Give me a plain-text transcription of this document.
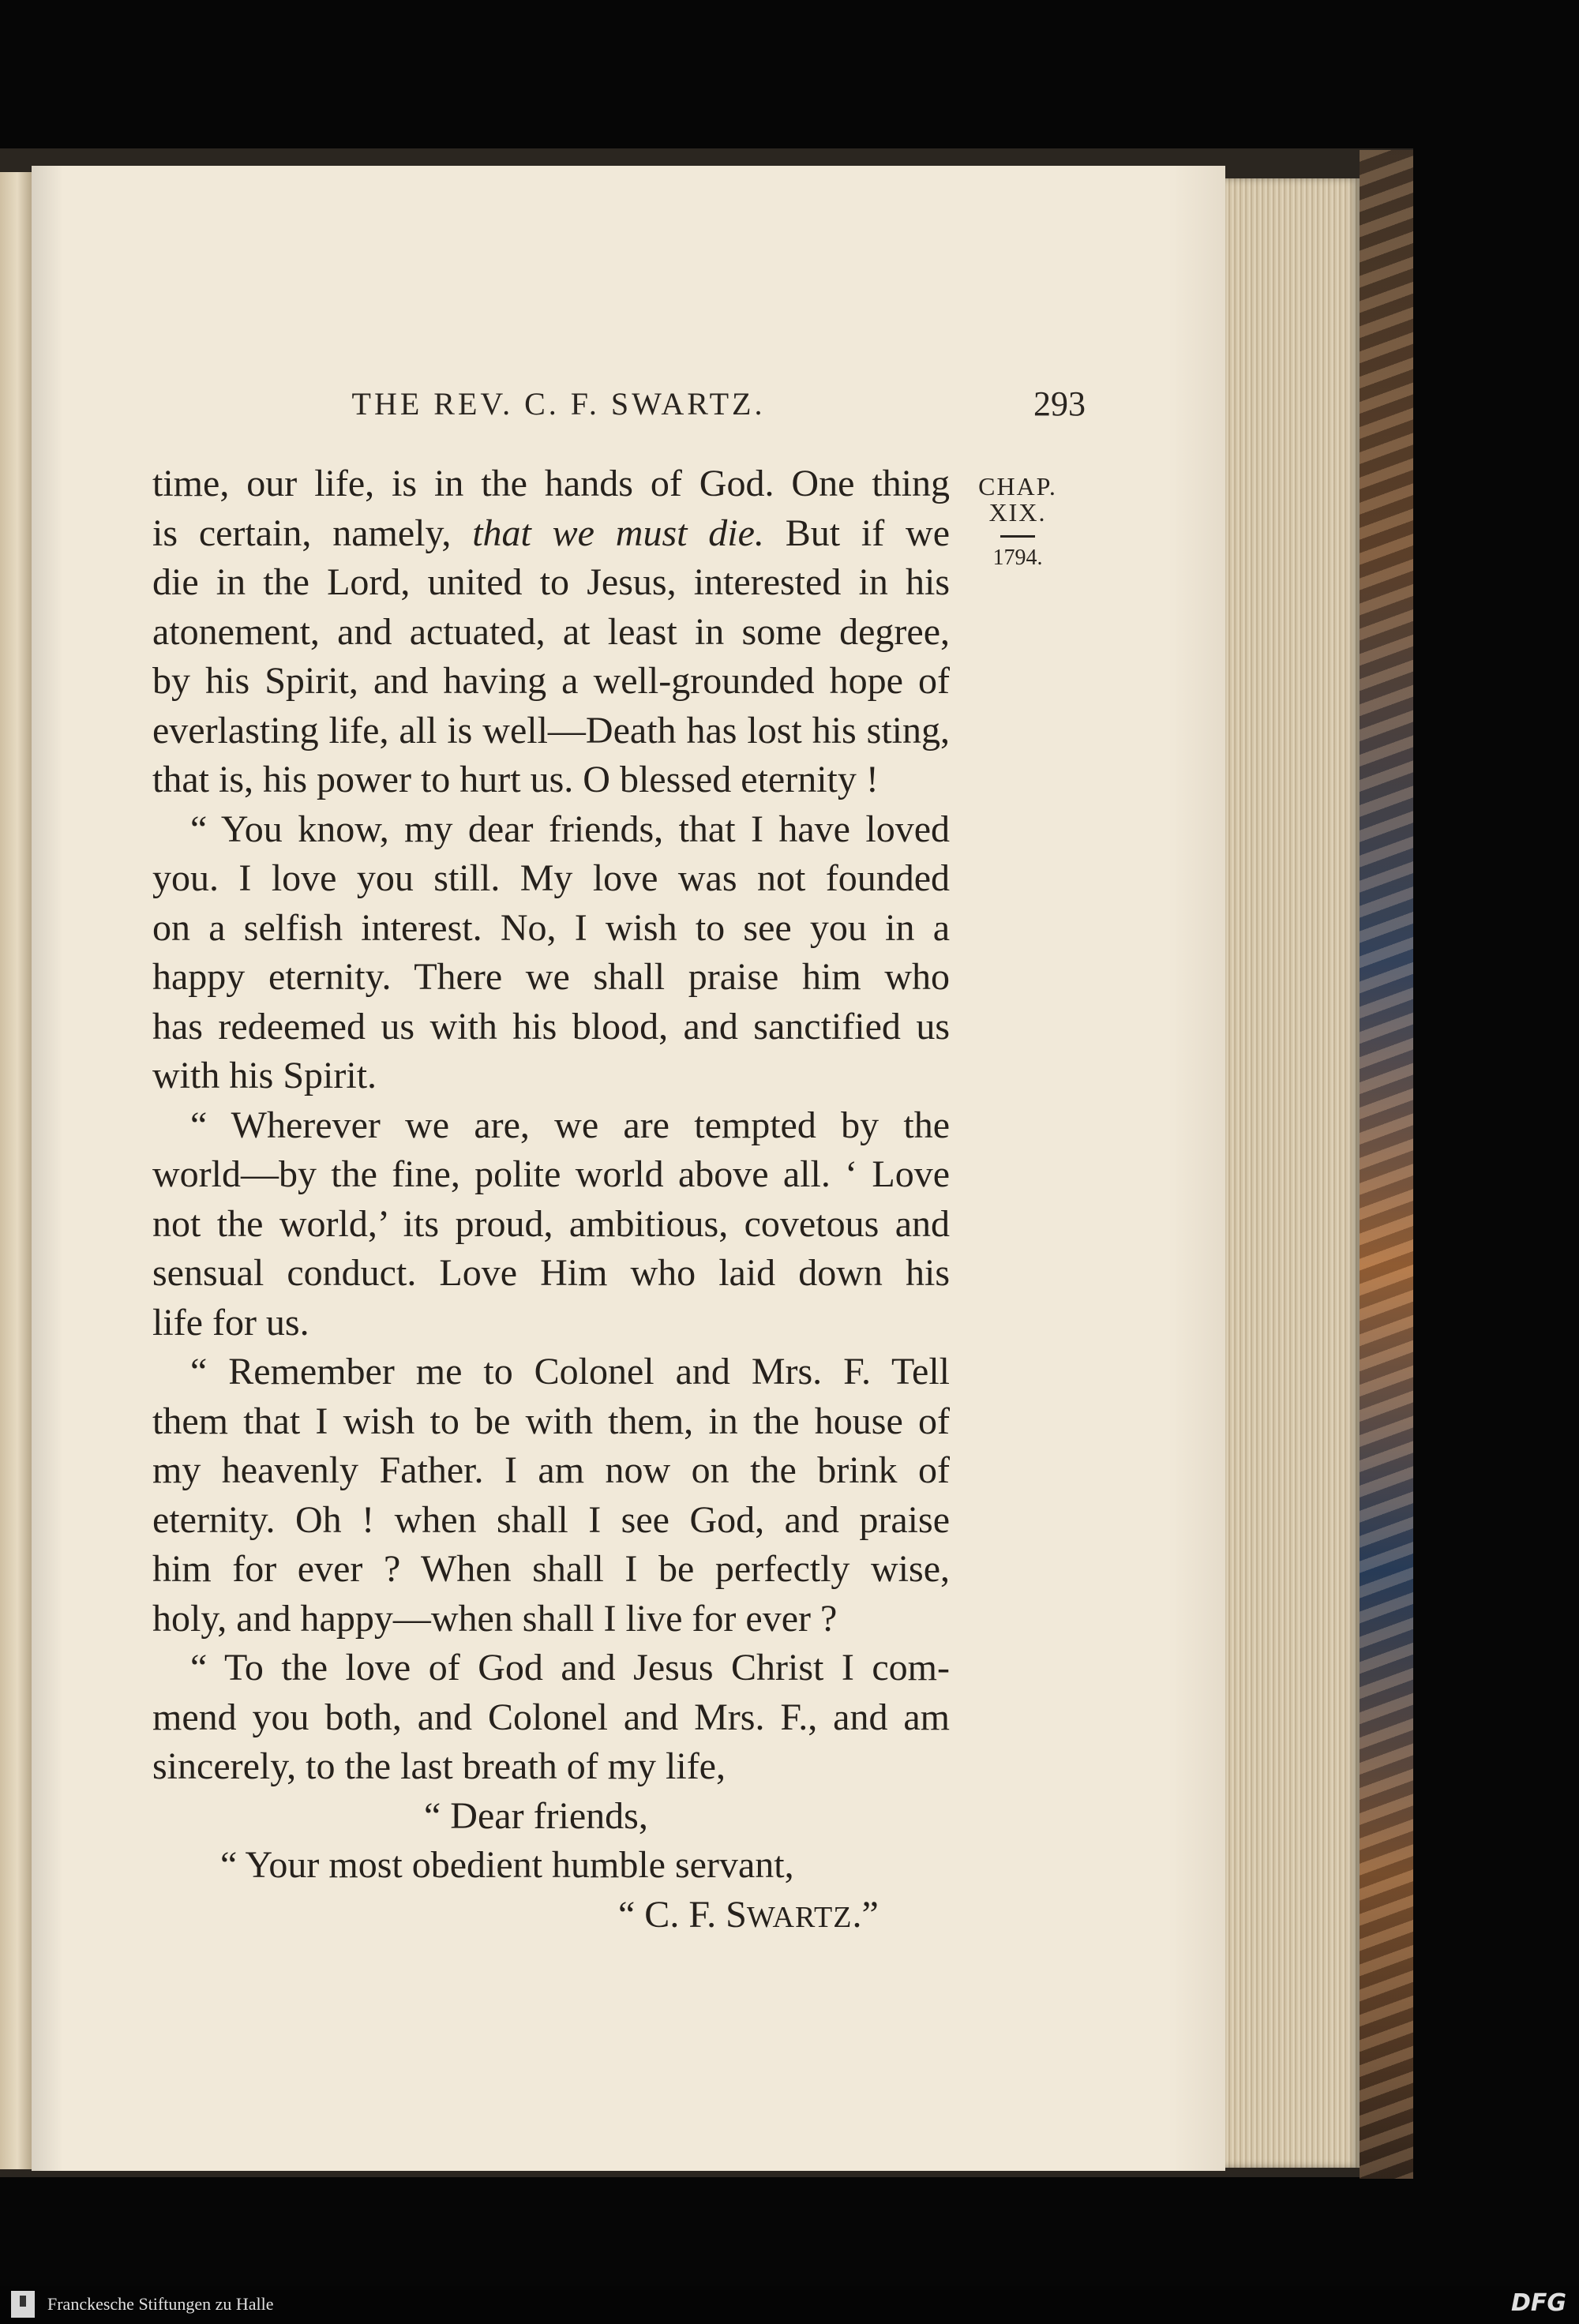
THE REV. C. F. SWARTZ.	293
CHAP.
XIX.
1794.

time, our life, is in the hands of God. One thing

is certain, namely, that we must die. But if we

die in the Lord, united to Jesus, interested in his

atonement, and actuated, at least in some degree,

by his Spirit, and having a well-grounded hope of

everlasting life, all is well—Death has lost his sting,

that is, his power to hurt us. O blessed eternity !

“ You know, my dear friends, that I have loved

you. I love you still. My love was not founded

on a selfish interest. No, I wish to see you in a

happy eternity. There we shall praise him who

has redeemed us with his blood, and sanctified us

with his Spirit.

“ Wherever we are, we are tempted by the

world—by the fine, polite world above all. ‘ Love

not the world,’ its proud, ambitious, covetous and

sensual conduct. Love Him who laid down his

life for us.

“ Remember me to Colonel and Mrs. F. Tell

them that I wish to be with them, in the house of

my heavenly Father. I am now on the brink of

eternity. Oh ! when shall I see God, and praise

him for ever ? When shall I be perfectly wise,

holy, and happy—when shall I live for ever ?

“ To the love of God and Jesus Christ I com-

mend you both, and Colonel and Mrs. F., and am

sincerely, to the last breath of my life,

“ Dear friends,

“ Your most obedient humble servant,

“ C. F. SWARTZ.”

Franckesche Stiftungen zu Halle	DFG
